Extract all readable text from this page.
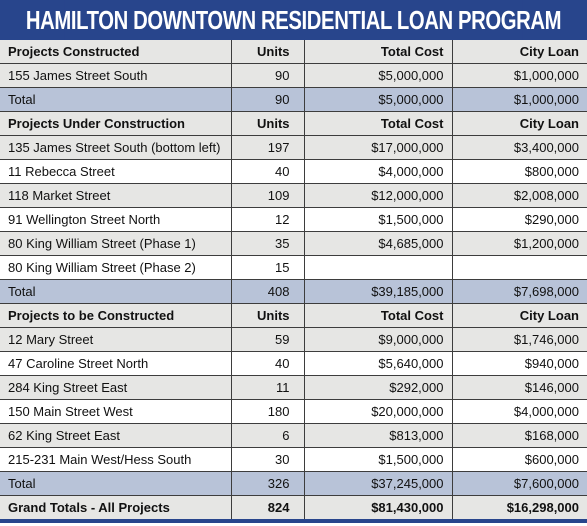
HAMILTON DOWNTOWN RESIDENTIAL LOAN PROGRAM
Projects Constructed	Units	Total Cost	City Loan
155 James Street South	90	$5,000,000	$1,000,000
Total	90	$5,000,000	$1,000,000
Projects Under Construction	Units	Total Cost	City Loan
135 James Street South (bottom left)	197	$17,000,000	$3,400,000
11 Rebecca Street	40	$4,000,000	$800,000
118 Market Street	109	$12,000,000	$2,008,000
91 Wellington Street North	12	$1,500,000	$290,000
80 King William Street (Phase 1)	35	$4,685,000	$1,200,000
80 King William Street (Phase 2)	15		
Total	408	$39,185,000	$7,698,000
Projects to be Constructed	Units	Total Cost	City Loan
12 Mary Street	59	$9,000,000	$1,746,000
47 Caroline Street North	40	$5,640,000	$940,000
284 King Street East	11	$292,000	$146,000
150 Main Street West	180	$20,000,000	$4,000,000
62 King Street East	6	$813,000	$168,000
215-231 Main West/Hess South	30	$1,500,000	$600,000
Total	326	$37,245,000	$7,600,000
Grand Totals - All Projects	824	$81,430,000	$16,298,000
